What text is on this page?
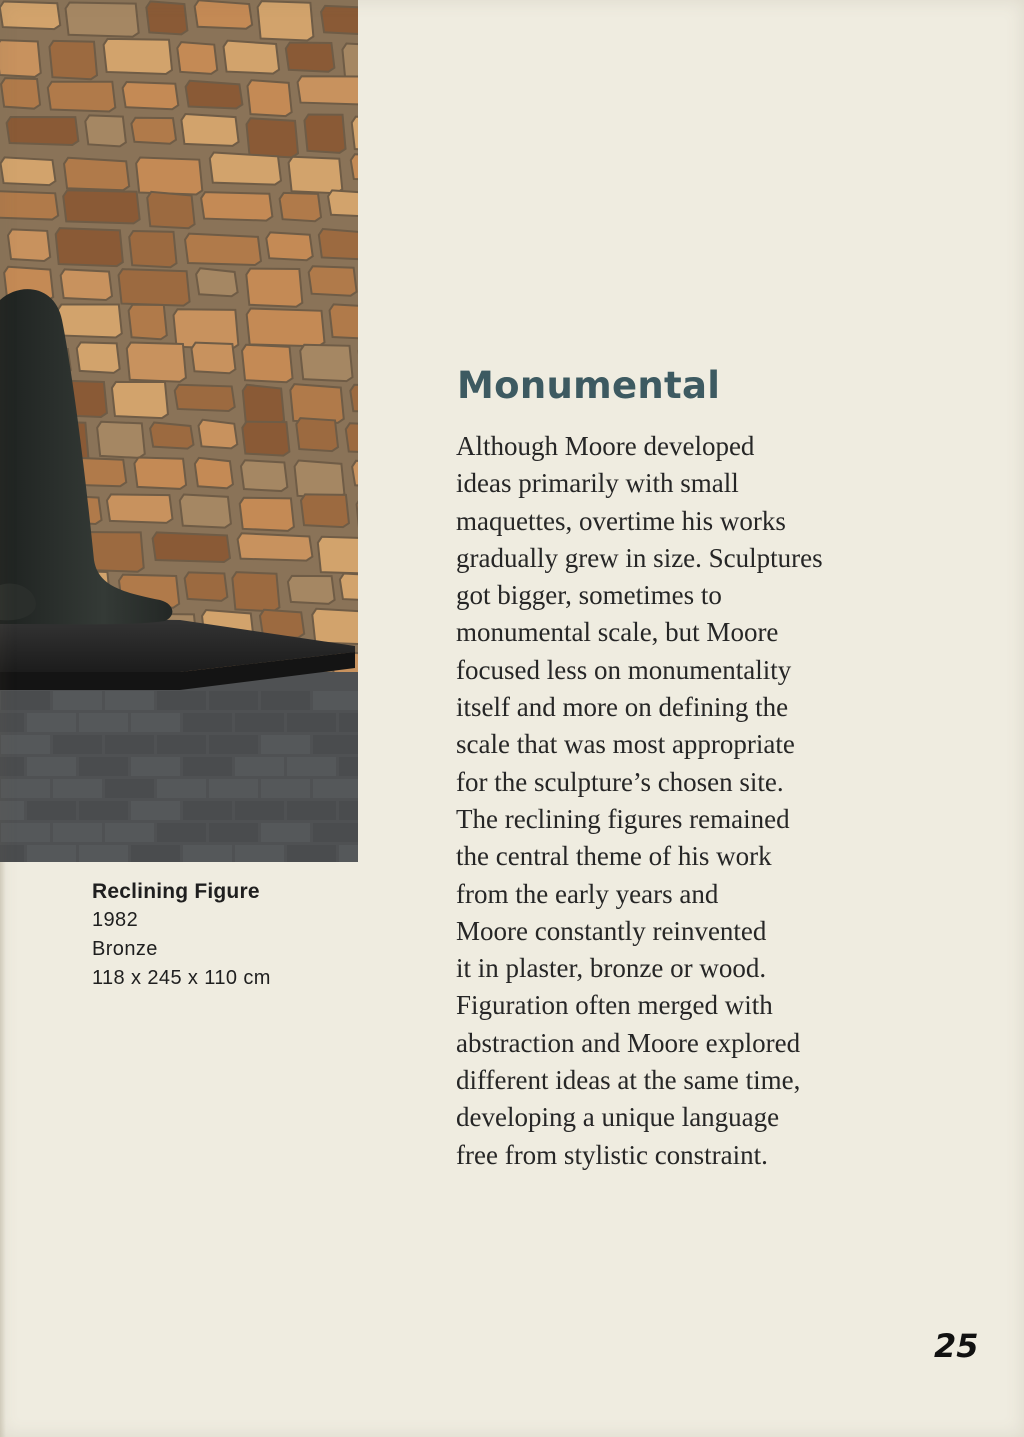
Reclining Figure
1982
Bronze
118 x 245 x 110 cm
Monumental
Although Moore developed
ideas primarily with small
maquettes, overtime his works
gradually grew in size. Sculptures
got bigger, sometimes to
monumental scale, but Moore
focused less on monumentality
itself and more on defining the
scale that was most appropriate
for the sculpture’s chosen site.
The reclining figures remained
the central theme of his work
from the early years and
Moore constantly reinvented
it in plaster, bronze or wood.
Figuration often merged with
abstraction and Moore explored
different ideas at the same time,
developing a unique language
free from stylistic constraint.
25
